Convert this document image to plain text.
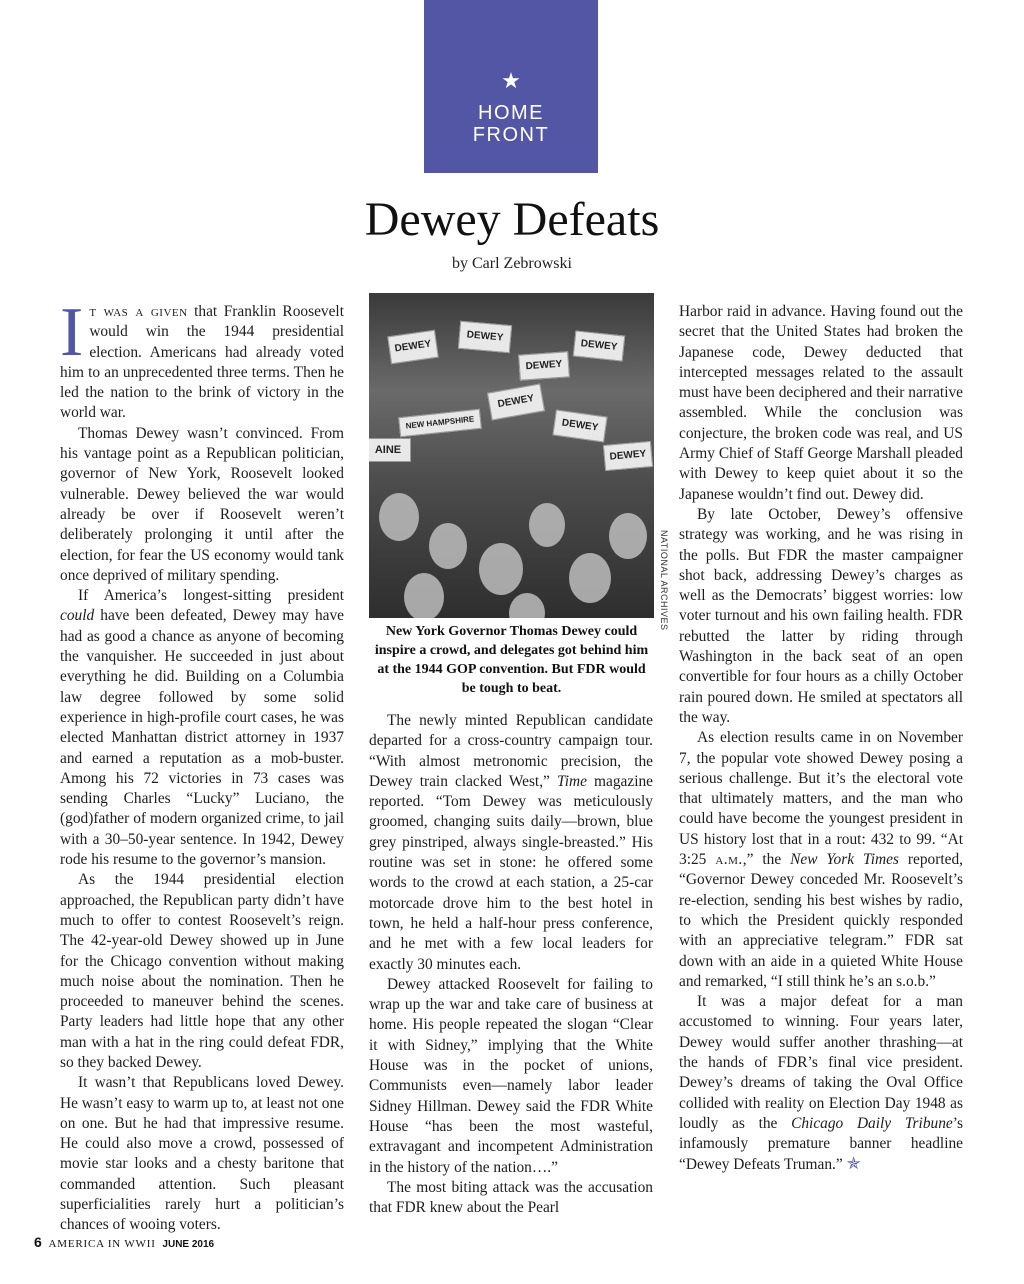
★
HOME
FRONT
Dewey Defeats
by Carl Zebrowski

It was a given that Franklin Roosevelt would win the 1944 presidential election. Americans had already voted him to an unprecedented three terms. Then he led the nation to the brink of victory in the world war.

Thomas Dewey wasn’t convinced. From his vantage point as a Republican politician, governor of New York, Roosevelt looked vulnerable. Dewey believed the war would already be over if Roosevelt weren’t deliberately prolonging it until after the election, for fear the US economy would tank once deprived of military spending.

If America’s longest-sitting president could have been defeated, Dewey may have had as good a chance as anyone of becoming the vanquisher. He succeeded in just about everything he did. Building on a Columbia law degree followed by some solid experience in high-profile court cases, he was elected Manhattan district attorney in 1937 and earned a reputation as a mob-buster. Among his 72 victories in 73 cases was sending Charles “Lucky” Luciano, the (god)father of modern organized crime, to jail with a 30–50-year sentence. In 1942, Dewey rode his resume to the governor’s mansion.

As the 1944 presidential election approached, the Republican party didn’t have much to offer to contest Roosevelt’s reign. The 42-year-old Dewey showed up in June for the Chicago convention without making much noise about the nomination. Then he proceeded to maneuver behind the scenes. Party leaders had little hope that any other man with a hat in the ring could defeat FDR, so they backed Dewey.

It wasn’t that Republicans loved Dewey. He wasn’t easy to warm up to, at least not one on one. But he had that impressive resume. He could also move a crowd, possessed of movie star looks and a chesty baritone that commanded attention. Such pleasant superficialities rarely hurt a politician’s chances of wooing voters.

DEWEY
DEWEY
DEWEY
DEWEY
DEWEY
NEW HAMPSHIRE
AINE
DEWEY
DEWEY
NATIONAL ARCHIVES
New York Governor Thomas Dewey could inspire a crowd, and delegates got behind him at the 1944 GOP convention. But FDR would be tough to beat.

The newly minted Republican candidate departed for a cross-country campaign tour. “With almost metronomic precision, the Dewey train clacked West,” Time magazine reported. “Tom Dewey was meticulously groomed, changing suits daily—brown, blue grey pinstriped, always single-breasted.” His routine was set in stone: he offered some words to the crowd at each station, a 25-car motorcade drove him to the best hotel in town, he held a half-hour press conference, and he met with a few local leaders for exactly 30 minutes each.

Dewey attacked Roosevelt for failing to wrap up the war and take care of business at home. His people repeated the slogan “Clear it with Sidney,” implying that the White House was in the pocket of unions, Communists even—namely labor leader Sidney Hillman. Dewey said the FDR White House “has been the most wasteful, extravagant and incompetent Administration in the history of the nation….”

The most biting attack was the accusation that FDR knew about the Pearl

Harbor raid in advance. Having found out the secret that the United States had broken the Japanese code, Dewey deducted that intercepted messages related to the assault must have been deciphered and their narrative assembled. While the conclusion was conjecture, the broken code was real, and US Army Chief of Staff George Marshall pleaded with Dewey to keep quiet about it so the Japanese wouldn’t find out. Dewey did.

By late October, Dewey’s offensive strategy was working, and he was rising in the polls. But FDR the master campaigner shot back, addressing Dewey’s charges as well as the Democrats’ biggest worries: low voter turnout and his own failing health. FDR rebutted the latter by riding through Washington in the back seat of an open convertible for four hours as a chilly October rain poured down. He smiled at spectators all the way.

As election results came in on November 7, the popular vote showed Dewey posing a serious challenge. But it’s the electoral vote that ultimately matters, and the man who could have become the youngest president in US history lost that in a rout: 432 to 99. “At 3:25 a.m.,” the New York Times reported, “Governor Dewey conceded Mr. Roosevelt’s re-election, sending his best wishes by radio, to which the President quickly responded with an appreciative telegram.” FDR sat down with an aide in a quieted White House and remarked, “I still think he’s an s.o.b.”

It was a major defeat for a man accustomed to winning. Four years later, Dewey would suffer another thrashing—at the hands of FDR’s final vice president. Dewey’s dreams of taking the Oval Office collided with reality on Election Day 1948 as loudly as the Chicago Daily Tribune’s infamously premature banner headline “Dewey Defeats Truman.” ✯

6 AMERICA IN WWII JUNE 2016
